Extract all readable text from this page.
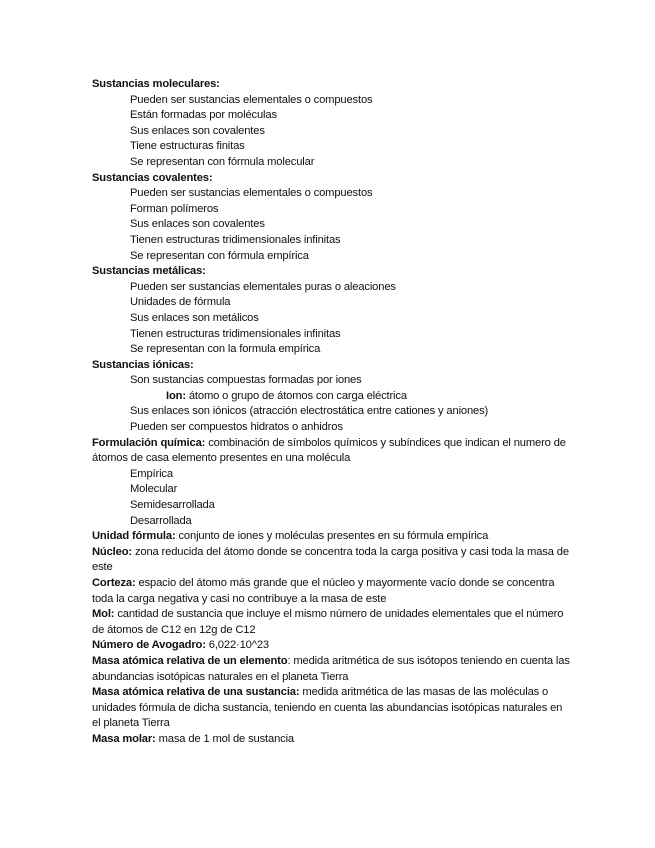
Sustancias moleculares:
Pueden ser sustancias elementales o compuestos
Están formadas por moléculas
Sus enlaces son covalentes
Tiene estructuras finitas
Se representan con fórmula molecular
Sustancias covalentes:
Pueden ser sustancias elementales o compuestos
Forman polímeros
Sus enlaces son covalentes
Tienen estructuras tridimensionales infinitas
Se representan con fórmula empírica
Sustancias metálicas:
Pueden ser sustancias elementales puras o aleaciones
Unidades de fórmula
Sus enlaces son metálicos
Tienen estructuras tridimensionales infinitas
Se representan con la formula empírica
Sustancias iónicas:
Son sustancias compuestas formadas por iones
Ion: átomo o grupo de átomos con carga eléctrica
Sus enlaces son iónicos (atracción electrostática entre cationes y aniones)
Pueden ser compuestos hidratos o anhidros
Formulación química: combinación de símbolos químicos y subíndices que indican el numero de átomos de casa elemento presentes en una molécula
Empírica
Molecular
Semidesarrollada
Desarrollada
Unidad fórmula: conjunto de iones y moléculas presentes en su fórmula empírica
Núcleo: zona reducida del átomo donde se concentra toda la carga positiva y casi toda la masa de este
Corteza: espacio del átomo más grande que el núcleo y mayormente vacío donde se concentra toda la carga negativa y casi no contribuye a la masa de este
Mol: cantidad de sustancia que incluye el mismo número de unidades elementales que el número de átomos de C12 en 12g de C12
Número de Avogadro: 6,022·10^23
Masa atómica relativa de un elemento: medida aritmética de sus isótopos teniendo en cuenta las abundancias isotópicas naturales en el planeta Tierra
Masa atómica relativa de una sustancia: medida aritmética de las masas de las moléculas o unidades fórmula de dicha sustancia, teniendo en cuenta las abundancias isotópicas naturales en el planeta Tierra
Masa molar: masa de 1 mol de sustancia
